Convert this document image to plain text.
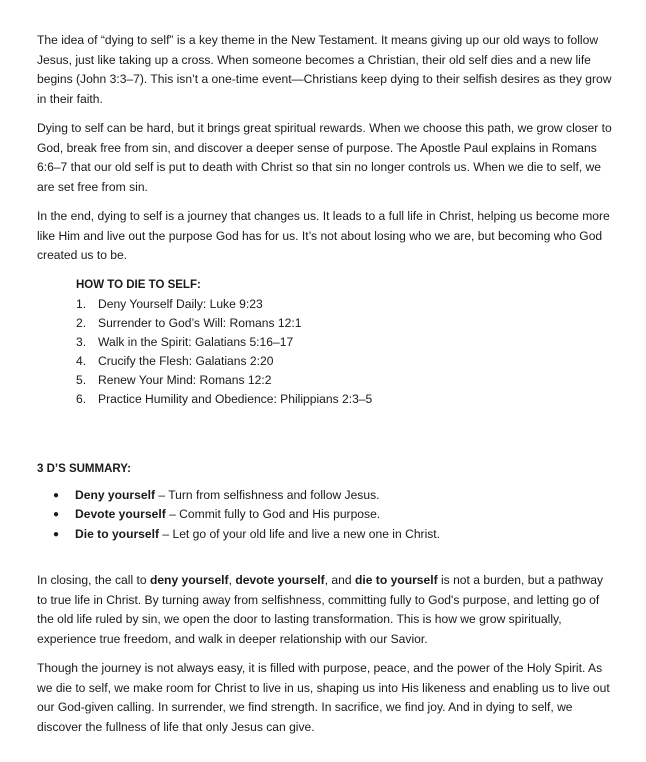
The idea of “dying to self” is a key theme in the New Testament. It means giving up our old ways to follow Jesus, just like taking up a cross. When someone becomes a Christian, their old self dies and a new life begins (John 3:3–7). This isn’t a one-time event—Christians keep dying to their selfish desires as they grow in their faith.

Dying to self can be hard, but it brings great spiritual rewards. When we choose this path, we grow closer to God, break free from sin, and discover a deeper sense of purpose. The Apostle Paul explains in Romans 6:6–7 that our old self is put to death with Christ so that sin no longer controls us. When we die to self, we are set free from sin.

In the end, dying to self is a journey that changes us. It leads to a full life in Christ, helping us become more like Him and live out the purpose God has for us. It’s not about losing who we are, but becoming who God created us to be.

HOW TO DIE TO SELF:
1. Deny Yourself Daily: Luke 9:23
2. Surrender to God’s Will: Romans 12:1
3. Walk in the Spirit: Galatians 5:16–17
4. Crucify the Flesh: Galatians 2:20
5. Renew Your Mind: Romans 12:2
6. Practice Humility and Obedience: Philippians 2:3–5
3 D’S SUMMARY:
●	Deny yourself – Turn from selfishness and follow Jesus.
●	Devote yourself – Commit fully to God and His purpose.
●	Die to yourself – Let go of your old life and live a new one in Christ.

In closing, the call to deny yourself, devote yourself, and die to yourself is not a burden, but a pathway to true life in Christ. By turning away from selfishness, committing fully to God's purpose, and letting go of the old life ruled by sin, we open the door to lasting transformation. This is how we grow spiritually, experience true freedom, and walk in deeper relationship with our Savior.

Though the journey is not always easy, it is filled with purpose, peace, and the power of the Holy Spirit. As we die to self, we make room for Christ to live in us, shaping us into His likeness and enabling us to live out our God-given calling. In surrender, we find strength. In sacrifice, we find joy. And in dying to self, we discover the fullness of life that only Jesus can give.
